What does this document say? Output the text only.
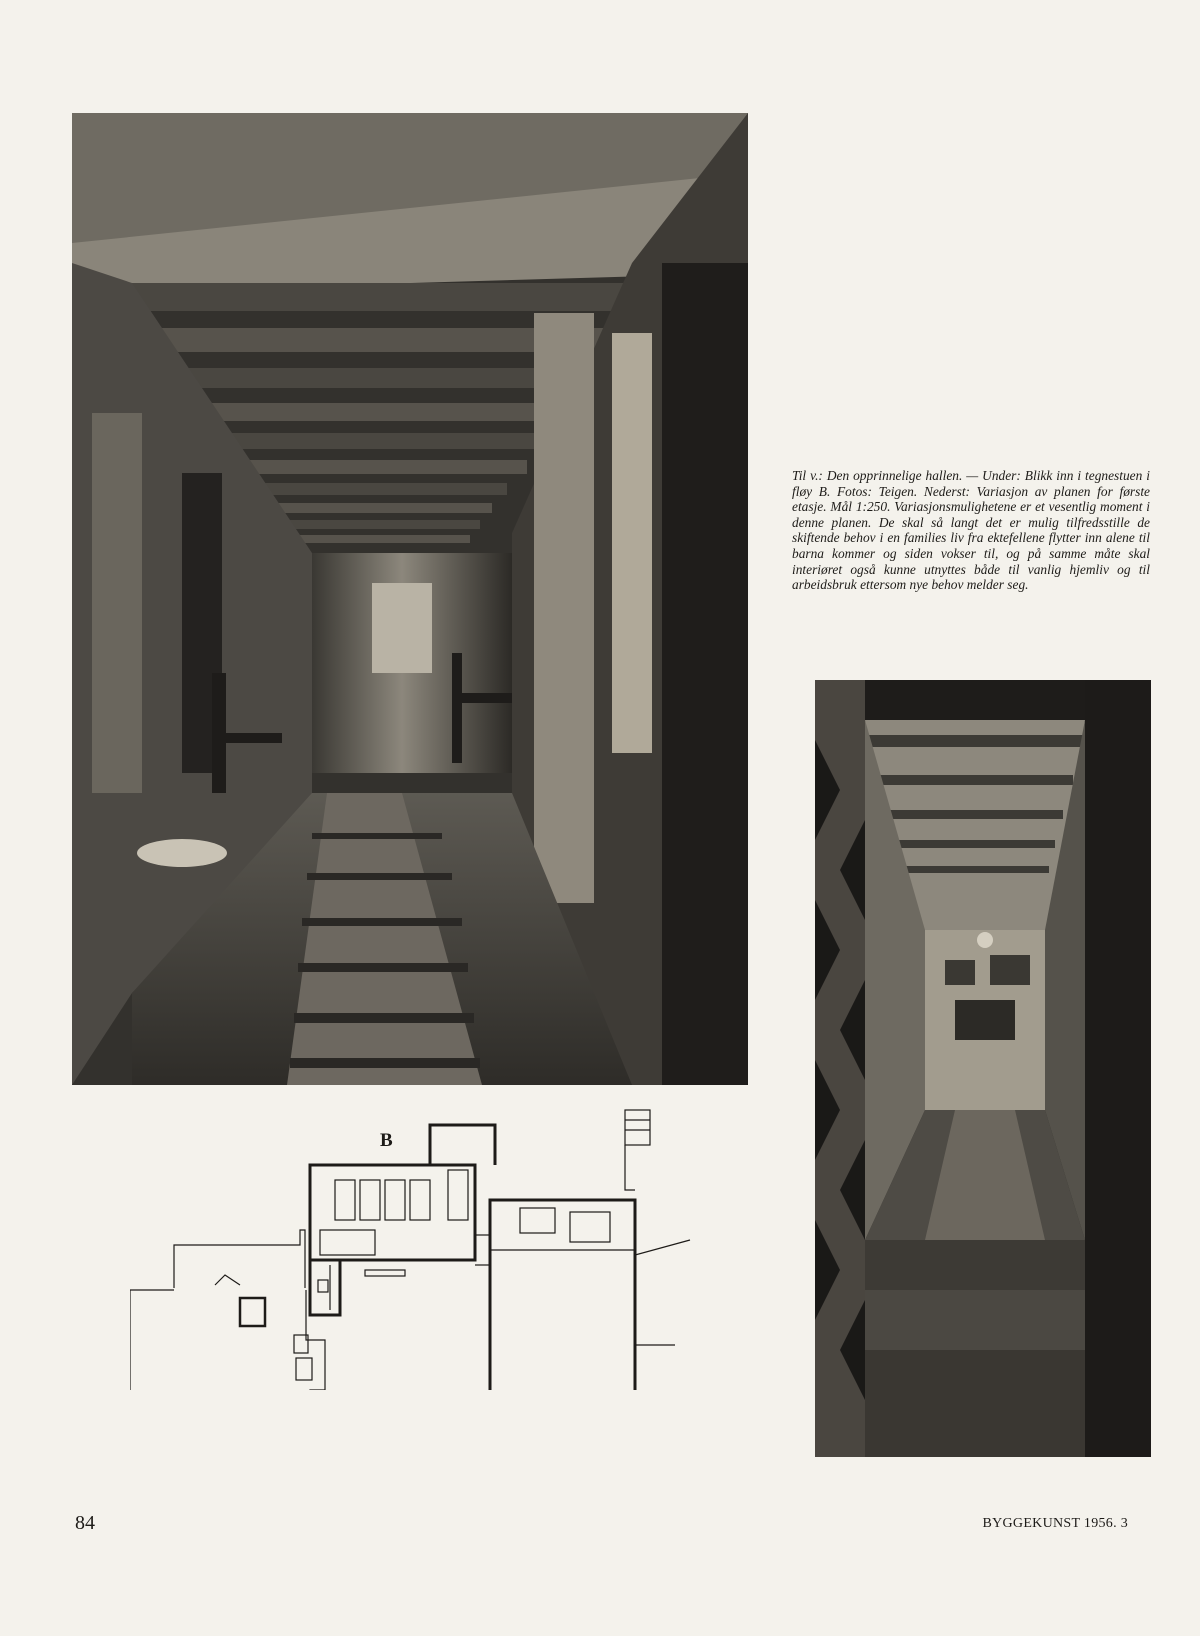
Til v.: Den opprinnelige hallen. — Under: Blikk inn i tegnestuen i fløy B. Fotos: Teigen. Nederst: Variasjon av planen for første etasje. Mål 1:250. Variasjonsmulighetene er et vesentlig moment i denne planen. De skal så langt det er mulig tilfredsstille de skiftende behov i en families liv fra ektefellene flytter inn alene til barna kommer og siden vokser til, og på samme måte skal interiøret også kunne utnyttes både til vanlig hjemliv og til arbeidsbruk ettersom nye behov melder seg.

B
84	BYGGEKUNST 1956. 3
